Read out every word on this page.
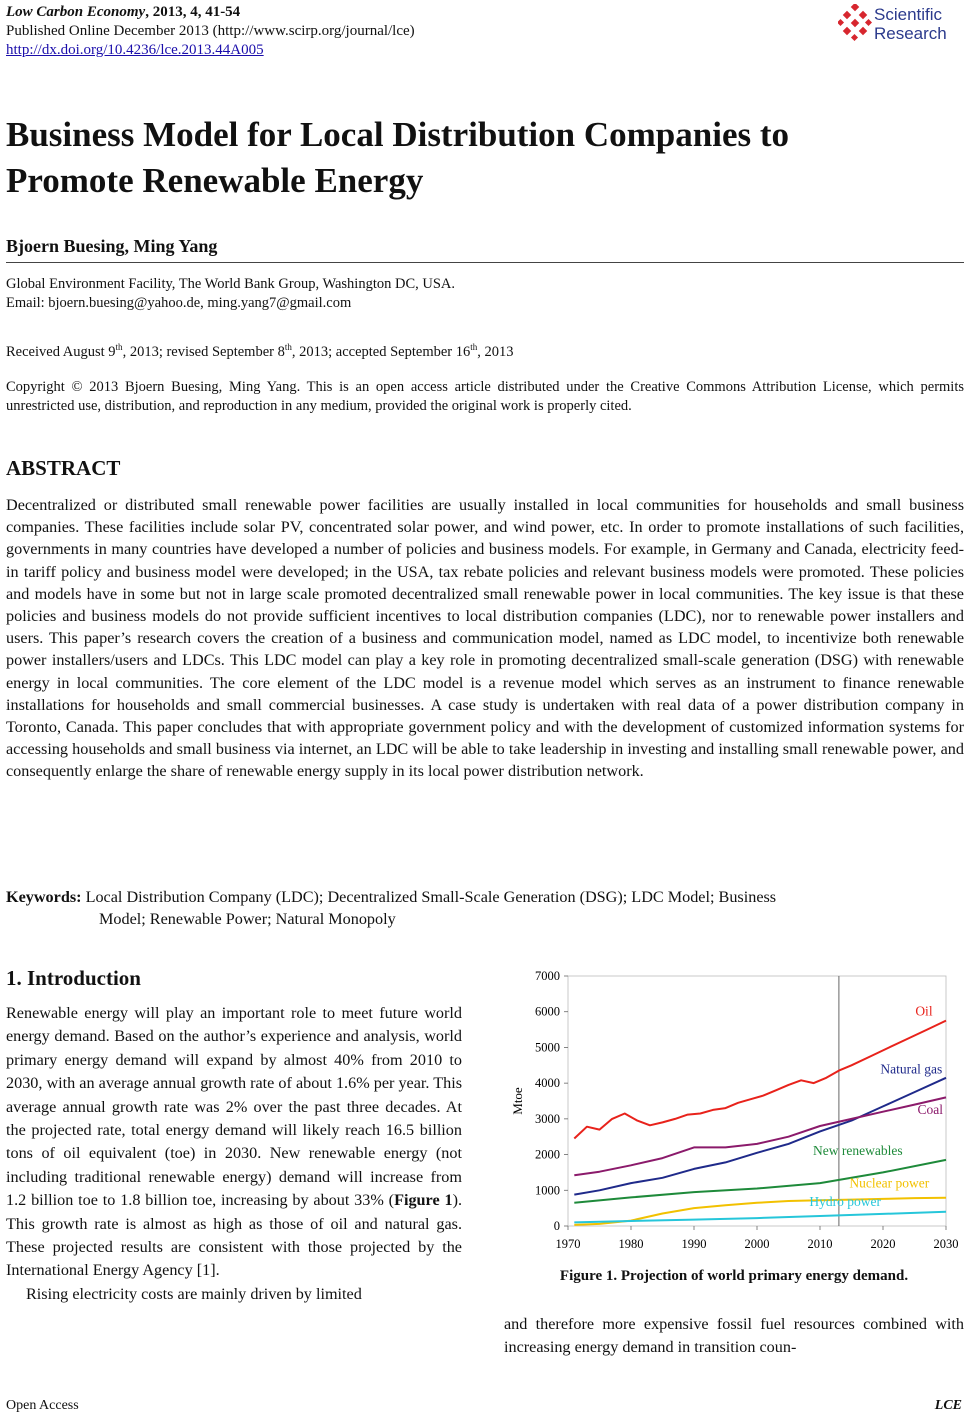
Low Carbon Economy, 2013, 4, 41-54
Published Online December 2013 (http://www.scirp.org/journal/lce)
http://dx.doi.org/10.4236/lce.2013.44A005
Scientific
Research
Business Model for Local Distribution Companies to
Promote Renewable Energy
Bjoern Buesing, Ming Yang
Global Environment Facility, The World Bank Group, Washington DC, USA.
Email: bjoern.buesing@yahoo.de, ming.yang7@gmail.com
Received August 9th, 2013; revised September 8th, 2013; accepted September 16th, 2013
Copyright © 2013 Bjoern Buesing, Ming Yang. This is an open access article distributed under the Creative Commons Attribution License, which permits unrestricted use, distribution, and reproduction in any medium, provided the original work is properly cited.
ABSTRACT
Decentralized or distributed small renewable power facilities are usually installed in local communities for households and small business companies. These facilities include solar PV, concentrated solar power, and wind power, etc. In order to promote installations of such facilities, governments in many countries have developed a number of policies and business models. For example, in Germany and Canada, electricity feed-in tariff policy and business model were developed; in the USA, tax rebate policies and relevant business models were promoted. These policies and models have in some but not in large scale promoted decentralized small renewable power in local communities. The key issue is that these policies and business models do not provide sufficient incentives to local distribution companies (LDC), nor to renewable power installers and users. This paper’s research covers the creation of a business and communication model, named as LDC model, to incentivize both renewable power installers/users and LDCs. This LDC model can play a key role in promoting decentralized small-scale generation (DSG) with renewable energy in local communities. The core element of the LDC model is a revenue model which serves as an instrument to finance renewable installations for households and small commercial businesses. A case study is undertaken with real data of a power distribution company in Toronto, Canada. This paper concludes that with appropriate government policy and with the development of customized information systems for accessing households and small business via internet, an LDC will be able to take leadership in investing and installing small renewable power, and consequently enlarge the share of renewable energy supply in its local power distribution network.
Keywords: Local Distribution Company (LDC); Decentralized Small-Scale Generation (DSG); LDC Model; Business
Model; Renewable Power; Natural Monopoly
1. Introduction
Renewable energy will play an important role to meet future world energy demand. Based on the author’s experience and analysis, world primary energy demand will expand by almost 40% from 2010 to 2030, with an average annual growth rate of about 1.6% per year. This average annual growth rate was 2% over the past three decades. At the projected rate, total energy demand will likely reach 16.5 billion tons of oil equivalent (toe) in 2030. New renewable energy (not including traditional renewable energy) demand will increase from 1.2 billion toe to 1.8 billion toe, increasing by about 33% (Figure 1). This growth rate is almost as high as those of oil and natural gas. These projected results are consistent with those projected by the International Energy Agency [1].
Rising electricity costs are mainly driven by limited
0
1000
2000
3000
4000
5000
6000
7000
1970	1980	1990	2000	2010	2020	2030
Mtoe
Oil
Natural gas
Coal
New renewables
Nuclear power
Hydro power
Figure 1. Projection of world primary energy demand.
and therefore more expensive fossil fuel resources combined with increasing energy demand in transition coun-
Open Access	LCE
